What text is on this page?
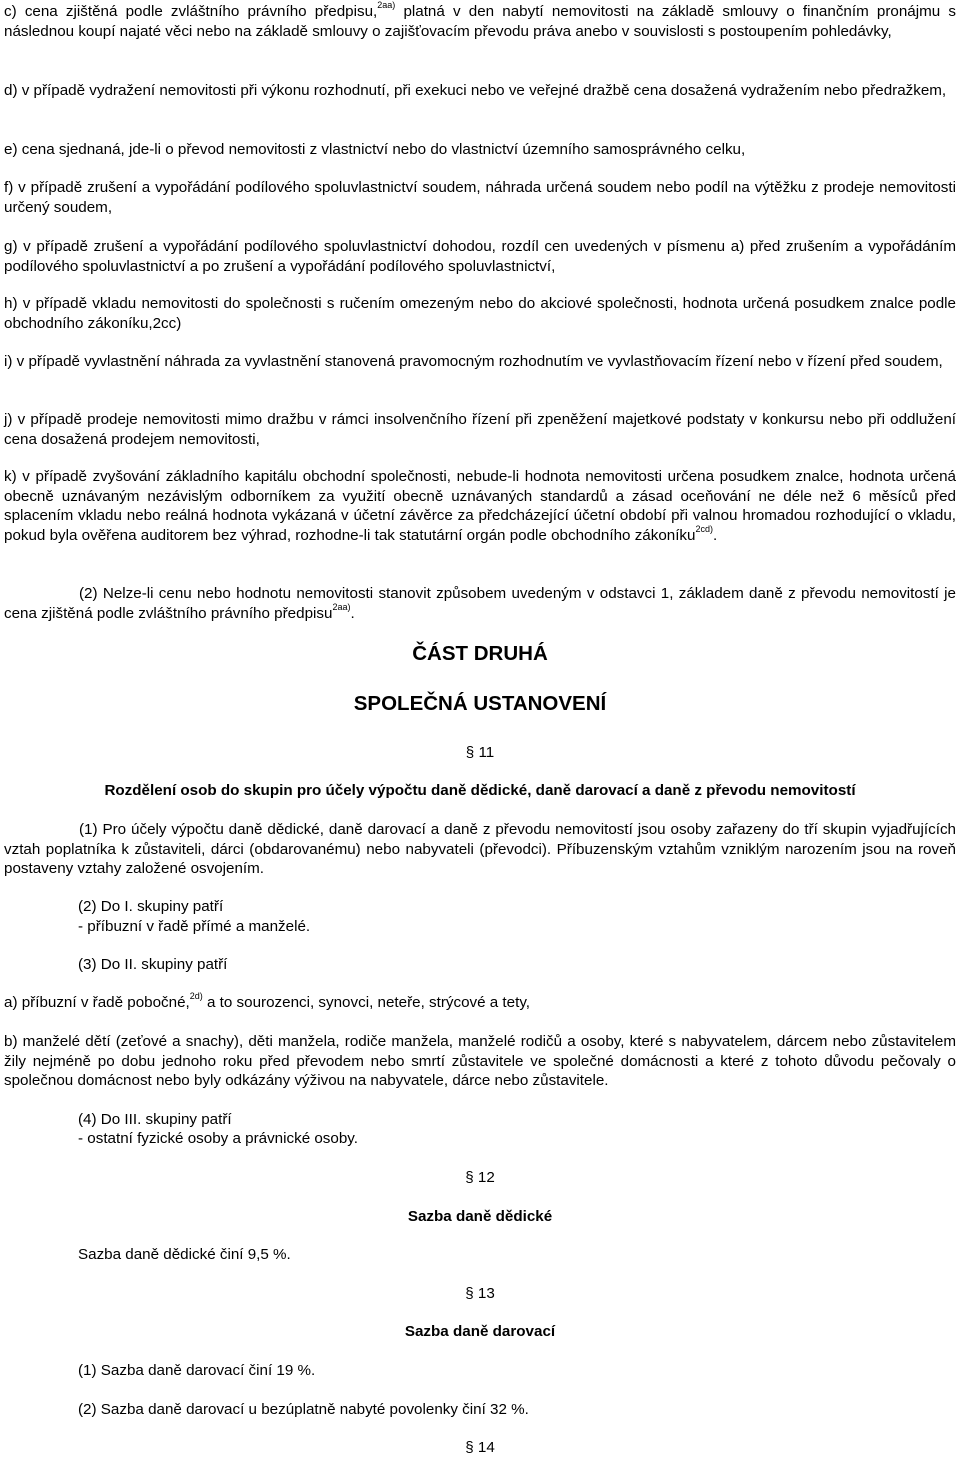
c) cena zjištěná podle zvláštního právního předpisu,$^{2aa)}$ platná v den nabytí nemovitosti na základě smlouvy o finančním pronájmu s následnou koupí najaté věci nebo na základě smlouvy o zajišťovacím převodu práva anebo v souvislosti s postoupením pohledávky,

d) v případě vydražení nemovitosti při výkonu rozhodnutí, při exekuci nebo ve veřejné dražbě cena dosažená vydražením nebo předražkem,

e) cena sjednaná, jde-li o převod nemovitosti z vlastnictví nebo do vlastnictví územního samosprávného celku,

f) v případě zrušení a vypořádání podílového spoluvlastnictví soudem, náhrada určená soudem nebo podíl na výtěžku z prodeje nemovitosti určený soudem,

g) v případě zrušení a vypořádání podílového spoluvlastnictví dohodou, rozdíl cen uvedených v písmenu a) před zrušením a vypořádáním podílového spoluvlastnictví a po zrušení a vypořádání podílového spoluvlastnictví,

h) v případě vkladu nemovitosti do společnosti s ručením omezeným nebo do akciové společnosti, hodnota určená posudkem znalce podle obchodního zákoníku,2cc)

i) v případě vyvlastnění náhrada za vyvlastnění stanovená pravomocným rozhodnutím ve vyvlastňovacím řízení nebo v řízení před soudem,

j) v případě prodeje nemovitosti mimo dražbu v rámci insolvenčního řízení při zpeněžení majetkové podstaty v konkursu nebo při oddlužení cena dosažená prodejem nemovitosti,

k) v případě zvyšování základního kapitálu obchodní společnosti, nebude-li hodnota nemovitosti určena posudkem znalce, hodnota určená obecně uznávaným nezávislým odborníkem za využití obecně uznávaných standardů a zásad oceňování ne déle než 6 měsíců před splacením vkladu nebo reálná hodnota vykázaná v účetní závěrce za předcházející účetní období při valnou hromadou rozhodující o vkladu, pokud byla ověřena auditorem bez výhrad, rozhodne-li tak statutární orgán podle obchodního zákoníku$^{2cd)}$.

(2) Nelze-li cenu nebo hodnotu nemovitosti stanovit způsobem uvedeným v odstavci 1, základem daně z převodu nemovitostí je cena zjištěná podle zvláštního právního předpisu$^{2aa)}$.

ČÁST DRUHÁ

SPOLEČNÁ USTANOVENÍ

§ 11

Rozdělení osob do skupin pro účely výpočtu daně dědické, daně darovací a daně z převodu nemovitostí

(1) Pro účely výpočtu daně dědické, daně darovací a daně z převodu nemovitostí jsou osoby zařazeny do tří skupin vyjadřujících vztah poplatníka k zůstaviteli, dárci (obdarovanému) nebo nabyvateli (převodci). Příbuzenským vztahům vzniklým narozením jsou na roveň postaveny vztahy založené osvojením.

(2) Do I. skupiny patří

- příbuzní v řadě přímé a manželé.

(3) Do II. skupiny patří

a) příbuzní v řadě pobočné,$^{2d)}$ a to sourozenci, synovci, neteře, strýcové a tety,

b) manželé dětí (zeťové a snachy), děti manžela, rodiče manžela, manželé rodičů a osoby, které s nabyvatelem, dárcem nebo zůstavitelem žily nejméně po dobu jednoho roku před převodem nebo smrtí zůstavitele ve společné domácnosti a které z tohoto důvodu pečovaly o společnou domácnost nebo byly odkázány výživou na nabyvatele, dárce nebo zůstavitele.

(4) Do III. skupiny patří

- ostatní fyzické osoby a právnické osoby.

§ 12

Sazba daně dědické

Sazba daně dědické činí 9,5 %.

§ 13

Sazba daně darovací

(1) Sazba daně darovací činí 19 %.

(2) Sazba daně darovací u bezúplatně nabyté povolenky činí 32 %.

§ 14
